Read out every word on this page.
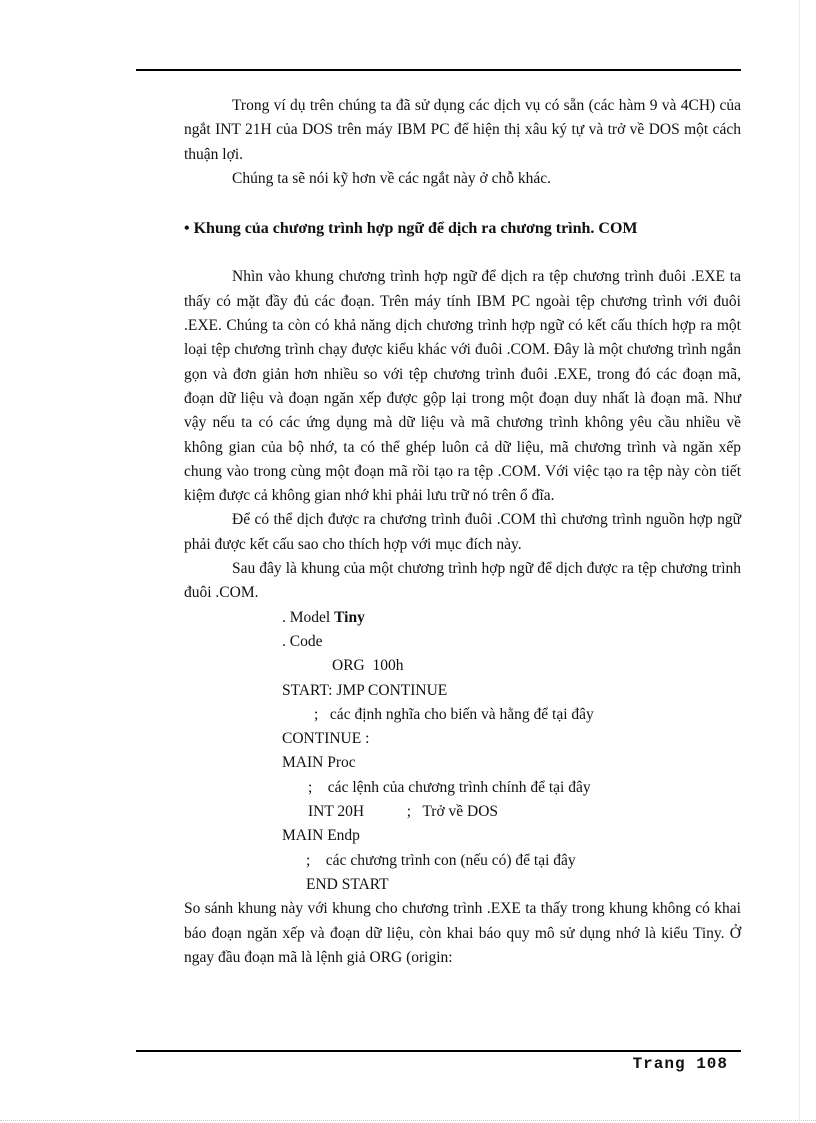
Trong ví dụ trên chúng ta đã sử dụng các dịch vụ có sẵn (các hàm 9 và 4CH) của ngắt INT 21H của DOS trên máy IBM PC để hiện thị xâu ký tự và trở về DOS một cách thuận lợi.

Chúng ta sẽ nói kỹ hơn về các ngắt này ở chỗ khác.

• Khung của chương trình hợp ngữ để dịch ra chương trình. COM

Nhìn vào khung chương trình hợp ngữ để dịch ra tệp chương trình đuôi .EXE ta thấy có mặt đầy đủ các đoạn. Trên máy tính IBM PC ngoài tệp chương trình với đuôi .EXE. Chúng ta còn có khả năng dịch chương trình hợp ngữ có kết cấu thích hợp ra một loại tệp chương trình chạy được kiểu khác với đuôi .COM. Đây là một chương trình ngắn gọn và đơn giản hơn nhiều so với tệp chương trình đuôi .EXE, trong đó các đoạn mã, đoạn dữ liệu và đoạn ngăn xếp được gộp lại trong một đoạn duy nhất là đoạn mã. Như vậy nếu ta có các ứng dụng mà dữ liệu và mã chương trình không yêu cầu nhiều về không gian của bộ nhớ, ta có thể ghép luôn cả dữ liệu, mã chương trình và ngăn xếp chung vào trong cùng một đoạn mã rồi tạo ra tệp .COM. Với việc tạo ra tệp này còn tiết kiệm được cả không gian nhớ khi phải lưu trữ nó trên ổ đĩa.

Để có thể dịch được ra chương trình đuôi .COM thì chương trình nguồn hợp ngữ phải được kết cấu sao cho thích hợp với mục đích này.

Sau đây là khung của một chương trình hợp ngữ để dịch được ra tệp chương trình đuôi .COM.

. Model Tiny
. Code
ORG  100h
START: JMP CONTINUE
;   các định nghĩa cho biến và hằng để tại đây
CONTINUE :
MAIN Proc
;    các lệnh của chương trình chính để tại đây
INT 20H           ;   Trở về DOS
MAIN Endp
;    các chương trình con (nếu có) để tại đây
END START

So sánh khung này với khung cho chương trình .EXE ta thấy trong khung không có khai báo đoạn ngăn xếp và đoạn dữ liệu, còn khai báo quy mô sử dụng nhớ là kiểu Tiny. Ở ngay đầu đoạn mã là lệnh giả ORG (origin:

Trang 108
